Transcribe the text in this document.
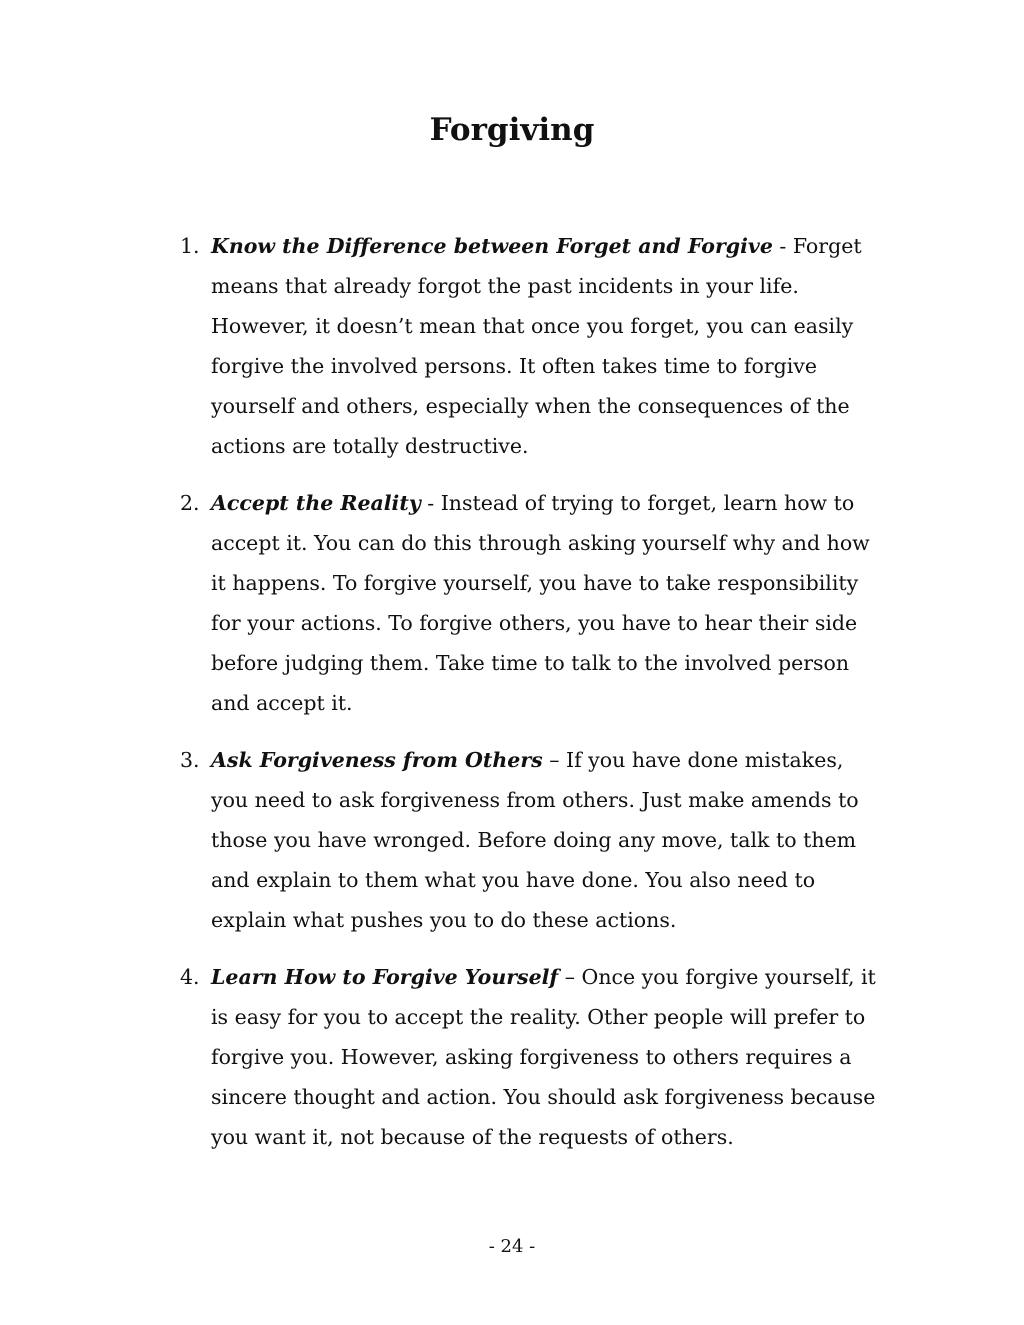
Forgiving
1. Know the Difference between Forget and Forgive - Forget means that already forgot the past incidents in your life. However, it doesn’t mean that once you forget, you can easily forgive the involved persons. It often takes time to forgive yourself and others, especially when the consequences of the actions are totally destructive.
2. Accept the Reality - Instead of trying to forget, learn how to accept it. You can do this through asking yourself why and how it happens. To forgive yourself, you have to take responsibility for your actions. To forgive others, you have to hear their side before judging them. Take time to talk to the involved person and accept it.
3. Ask Forgiveness from Others – If you have done mistakes, you need to ask forgiveness from others. Just make amends to those you have wronged. Before doing any move, talk to them and explain to them what you have done. You also need to explain what pushes you to do these actions.
4. Learn How to Forgive Yourself – Once you forgive yourself, it is easy for you to accept the reality. Other people will prefer to forgive you. However, asking forgiveness to others requires a sincere thought and action. You should ask forgiveness because you want it, not because of the requests of others.
- 24 -
